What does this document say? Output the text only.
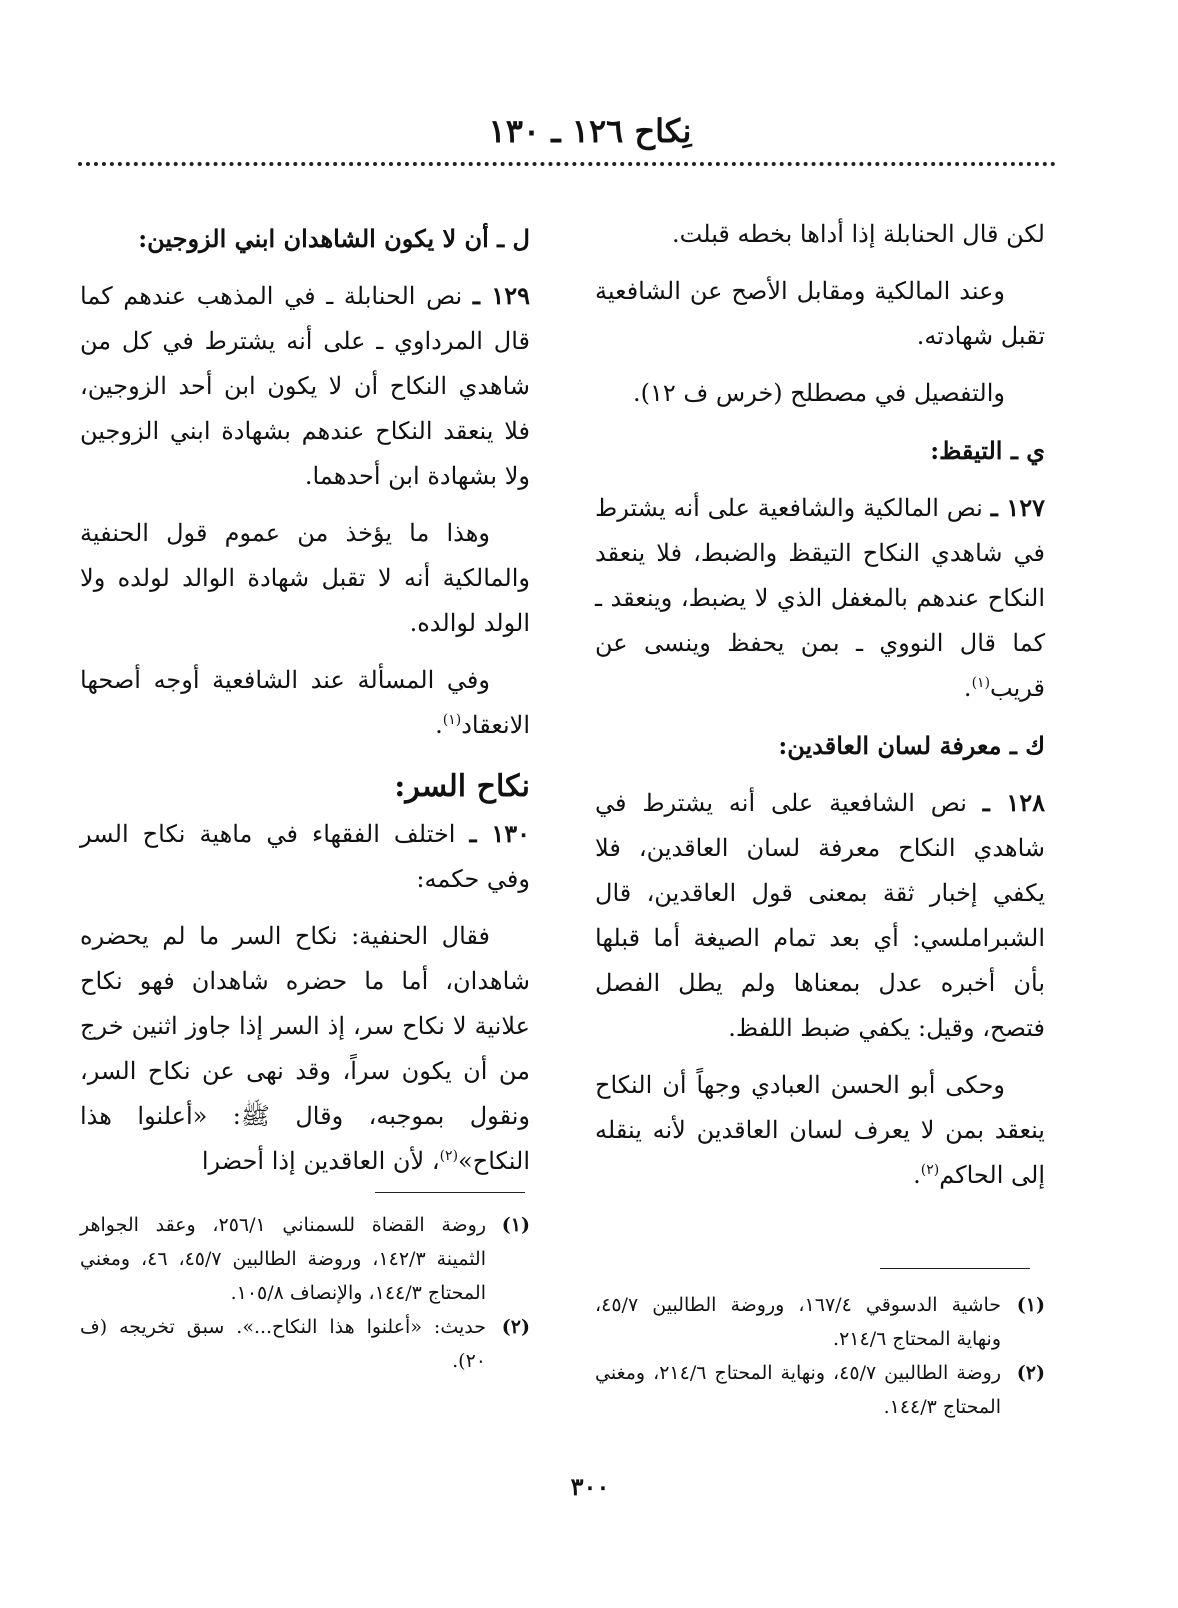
نِكاح ١٢٦ ـ ١٣٠

لكن قال الحنابلة إذا أداها بخطه قبلت.

وعند المالكية ومقابل الأصح عن الشافعية تقبل شهادته.

والتفصيل في مصطلح (خرس ف ١٢).

ي ـ التيقظ:

١٢٧ ـ نص المالكية والشافعية على أنه يشترط في شاهدي النكاح التيقظ والضبط، فلا ينعقد النكاح عندهم بالمغفل الذي لا يضبط، وينعقد ـ كما قال النووي ـ بمن يحفظ وينسى عن قريب$^{(١)}$.

ك ـ معرفة لسان العاقدين:

١٢٨ ـ نص الشافعية على أنه يشترط في شاهدي النكاح معرفة لسان العاقدين، فلا يكفي إخبار ثقة بمعنى قول العاقدين، قال الشبراملسي: أي بعد تمام الصيغة أما قبلها بأن أخبره عدل بمعناها ولم يطل الفصل فتصح، وقيل: يكفي ضبط اللفظ.

وحكى أبو الحسن العبادي وجهاً أن النكاح ينعقد بمن لا يعرف لسان العاقدين لأنه ينقله إلى الحاكم$^{(٢)}$.

(١)
حاشية الدسوقي ١٦٧/٤، وروضة الطالبين ٤٥/٧، ونهاية المحتاج ٢١٤/٦.

(٢)
روضة الطالبين ٤٥/٧، ونهاية المحتاج ٢١٤/٦، ومغني المحتاج ١٤٤/٣.

ل ـ أن لا يكون الشاهدان ابني الزوجين:

١٢٩ ـ نص الحنابلة ـ في المذهب عندهم كما قال المرداوي ـ على أنه يشترط في كل من شاهدي النكاح أن لا يكون ابن أحد الزوجين، فلا ينعقد النكاح عندهم بشهادة ابني الزوجين ولا بشهادة ابن أحدهما.

وهذا ما يؤخذ من عموم قول الحنفية والمالكية أنه لا تقبل شهادة الوالد لولده ولا الولد لوالده.

وفي المسألة عند الشافعية أوجه أصحها الانعقاد$^{(١)}$.

نكاح السر:

١٣٠ ـ اختلف الفقهاء في ماهية نكاح السر وفي حكمه:

فقال الحنفية: نكاح السر ما لم يحضره شاهدان، أما ما حضره شاهدان فهو نكاح علانية لا نكاح سر، إذ السر إذا جاوز اثنين خرج من أن يكون سراً، وقد نهى عن نكاح السر، ونقول بموجبه، وقال ﷺ: «أعلنوا هذا النكاح»$^{(٢)}$، لأن العاقدين إذا أحضرا

(١)
روضة القضاة للسمناني ٢٥٦/١، وعقد الجواهر الثمينة ١٤٢/٣، وروضة الطالبين ٤٥/٧، ٤٦، ومغني المحتاج ١٤٤/٣، والإنصاف ١٠٥/٨.

(٢)
حديث: «أعلنوا هذا النكاح...». سبق تخريجه (ف ٢٠).

٣٠٠
